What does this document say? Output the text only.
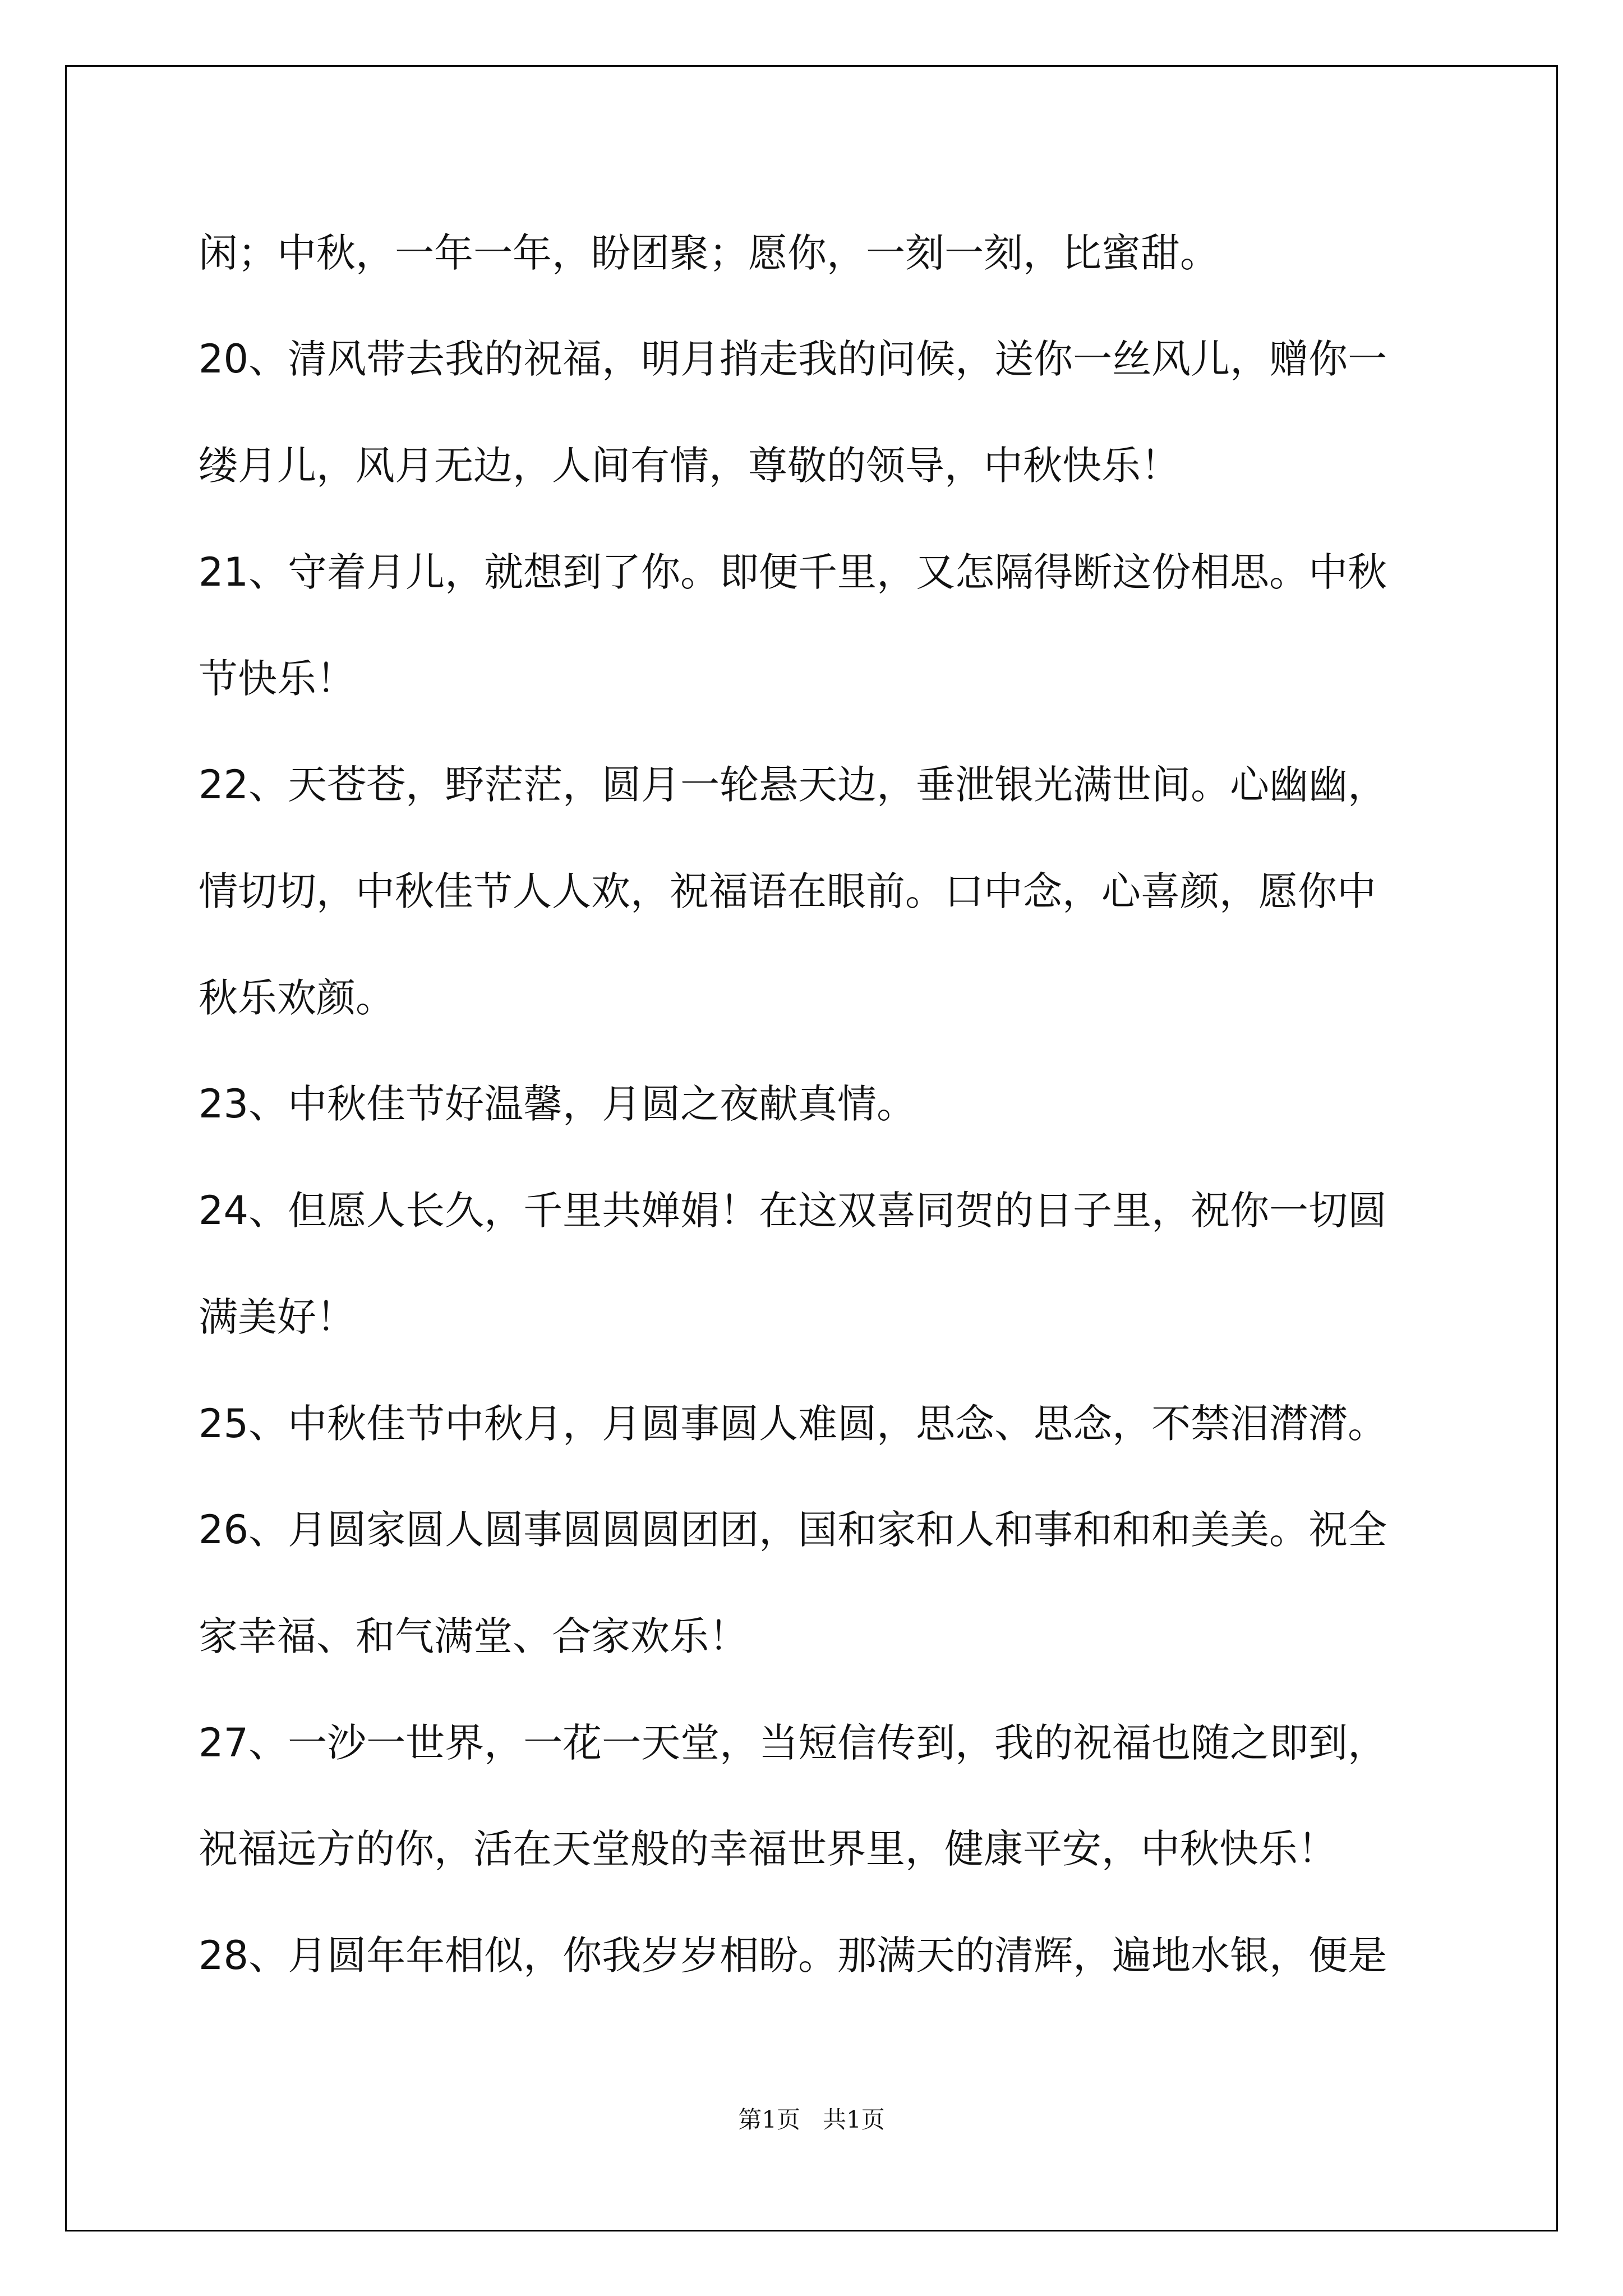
闲；中秋，一年一年，盼团聚；愿你，一刻一刻，比蜜甜。

20、清风带去我的祝福，明月捎走我的问候，送你一丝风儿，赠你一

缕月儿，风月无边，人间有情，尊敬的领导，中秋快乐！

21、守着月儿，就想到了你。即便千里，又怎隔得断这份相思。中秋

节快乐！

22、天苍苍，野茫茫，圆月一轮悬天边，垂泄银光满世间。心幽幽，

情切切，中秋佳节人人欢，祝福语在眼前。口中念，心喜颜，愿你中

秋乐欢颜。

23、中秋佳节好温馨，月圆之夜献真情。

24、但愿人长久，千里共婵娟！在这双喜同贺的日子里，祝你一切圆

满美好！

25、中秋佳节中秋月，月圆事圆人难圆，思念、思念，不禁泪潸潸。

26、月圆家圆人圆事圆圆圆团团，国和家和人和事和和和美美。祝全

家幸福、和气满堂、合家欢乐！

27、一沙一世界，一花一天堂，当短信传到，我的祝福也随之即到，

祝福远方的你，活在天堂般的幸福世界里，健康平安，中秋快乐！

28、月圆年年相似，你我岁岁相盼。那满天的清辉，遍地水银，便是

第1页   共1页
